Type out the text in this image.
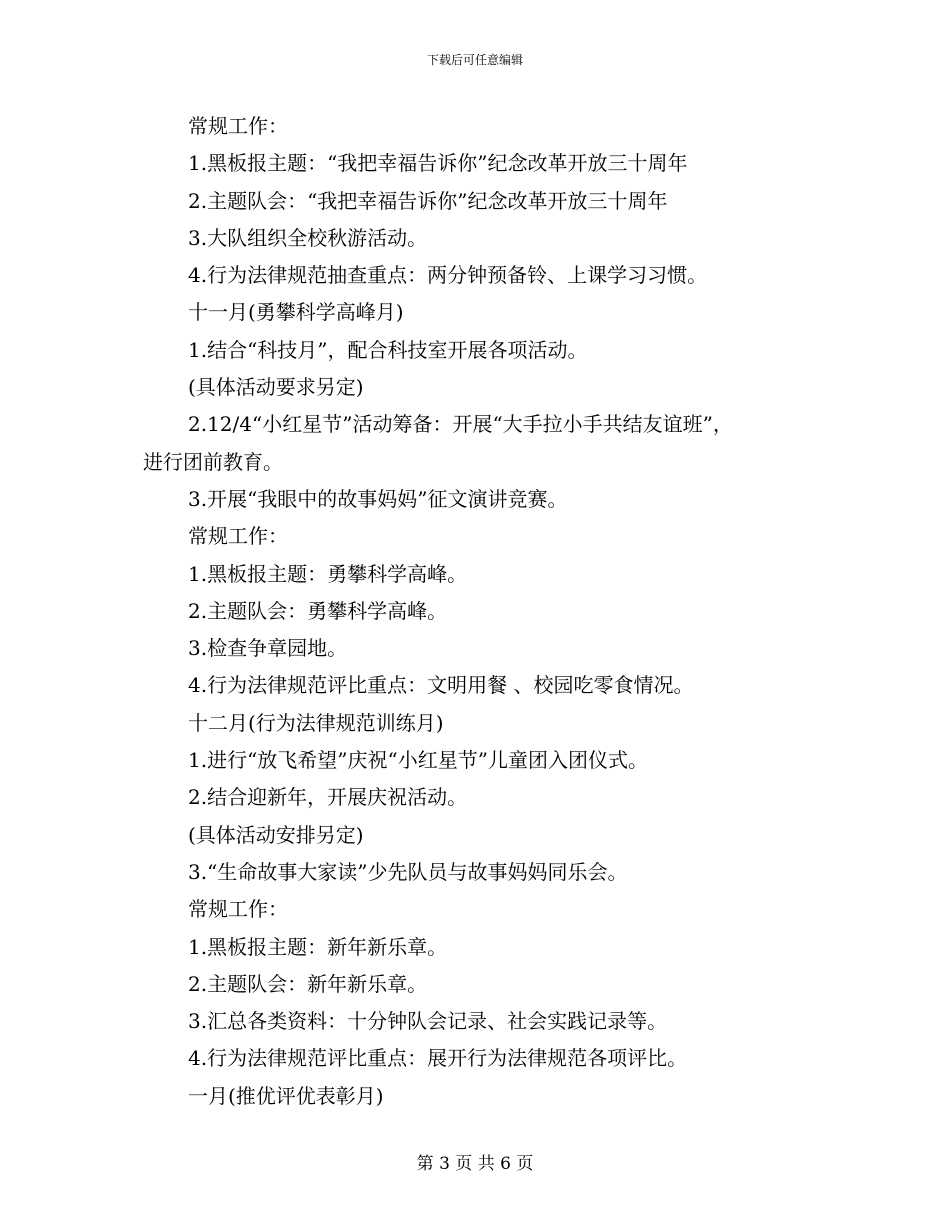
下载后可任意编辑
常规工作：
1.黑板报主题：“我把幸福告诉你”纪念改革开放三十周年
2.主题队会：“我把幸福告诉你”纪念改革开放三十周年
3.大队组织全校秋游活动。
4.行为法律规范抽查重点：两分钟预备铃、上课学习习惯。
十一月(勇攀科学高峰月)
1.结合“科技月”，配合科技室开展各项活动。
(具体活动要求另定)
2.12/4“小红星节”活动筹备：开展“大手拉小手共结友谊班”，
进行团前教育。
3.开展“我眼中的故事妈妈”征文演讲竞赛。
常规工作：
1.黑板报主题：勇攀科学高峰。
2.主题队会：勇攀科学高峰。
3.检查争章园地。
4.行为法律规范评比重点：文明用餐 、校园吃零食情况。
十二月(行为法律规范训练月)
1.进行“放飞希望”庆祝“小红星节”儿童团入团仪式。
2.结合迎新年，开展庆祝活动。
(具体活动安排另定)
3.“生命故事大家读”少先队员与故事妈妈同乐会。
常规工作：
1.黑板报主题：新年新乐章。
2.主题队会：新年新乐章。
3.汇总各类资料：十分钟队会记录、社会实践记录等。
4.行为法律规范评比重点：展开行为法律规范各项评比。
一月(推优评优表彰月)
第 3 页 共 6 页
